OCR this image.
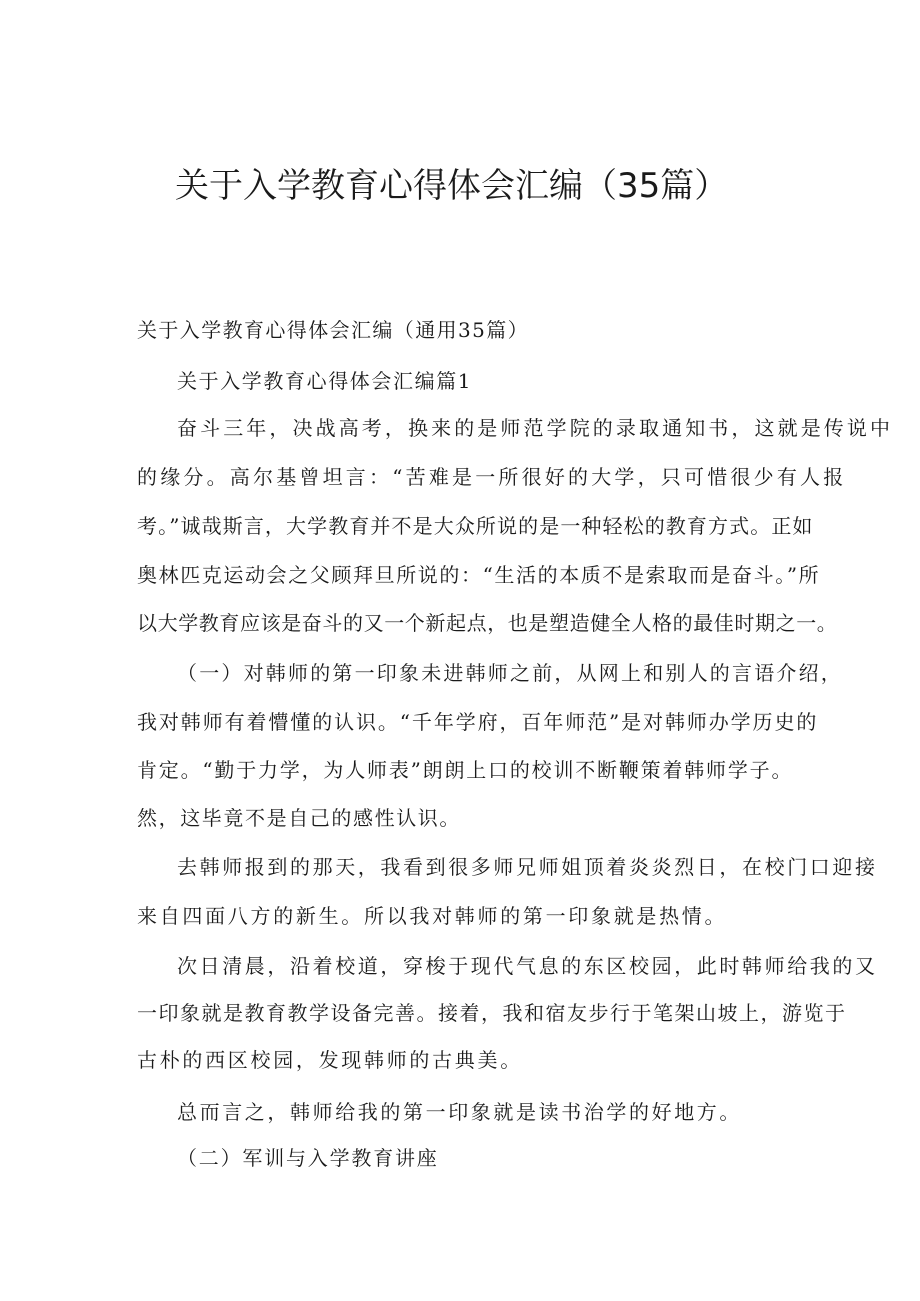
关于入学教育心得体会汇编（35篇）
关于入学教育心得体会汇编（通用35篇）
关于入学教育心得体会汇编篇1
奋斗三年，决战高考，换来的是师范学院的录取通知书，这就是传说中
的缘分。高尔基曾坦言：“苦难是一所很好的大学，只可惜很少有人报
考。”诚哉斯言，大学教育并不是大众所说的是一种轻松的教育方式。正如
奥林匹克运动会之父顾拜旦所说的：“生活的本质不是索取而是奋斗。”所
以大学教育应该是奋斗的又一个新起点，也是塑造健全人格的最佳时期之一。
（一）对韩师的第一印象未进韩师之前，从网上和别人的言语介绍，
我对韩师有着懵懂的认识。“千年学府，百年师范”是对韩师办学历史的
肯定。“勤于力学，为人师表”朗朗上口的校训不断鞭策着韩师学子。
然，这毕竟不是自己的感性认识。
去韩师报到的那天，我看到很多师兄师姐顶着炎炎烈日，在校门口迎接
来自四面八方的新生。所以我对韩师的第一印象就是热情。
次日清晨，沿着校道，穿梭于现代气息的东区校园，此时韩师给我的又
一印象就是教育教学设备完善。接着，我和宿友步行于笔架山坡上，游览于
古朴的西区校园，发现韩师的古典美。
总而言之，韩师给我的第一印象就是读书治学的好地方。
（二）军训与入学教育讲座
